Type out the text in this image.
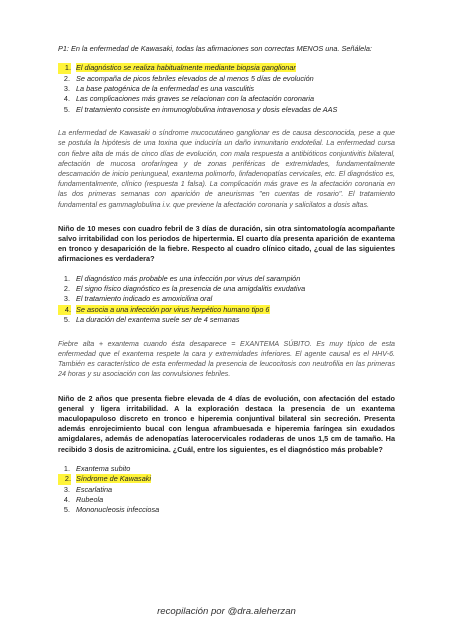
P1: En la enfermedad de Kawasaki, todas las afirmaciones son correctas MENOS una. Señálela:

1. El diagnóstico se realiza habitualmente mediante biopsia ganglionar
2. Se acompaña de picos febriles elevados de al menos 5 días de evolución
3. La base patogénica de la enfermedad es una vasculitis
4. Las complicaciones más graves se relacionan con la afectación coronaria
5. El tratamiento consiste en inmunoglobulina intravenosa y dosis elevadas de AAS

La enfermedad de Kawasaki o síndrome mucocutáneo ganglionar es de causa desconocida, pese a que se postula la hipótesis de una toxina que induciría un daño inmunitario endotelial. La enfermedad cursa con fiebre alta de más de cinco días de evolución, con mala respuesta a antibióticos conjuntivitis bilateral, afectación de mucosa orofaríngea y de zonas periféricas de extremidades, fundamentalmente descamación de inicio periungueal, exantema polimorfo, linfadenopatías cervicales, etc. El diagnóstico es, fundamentalmente, clínico (respuesta 1 falsa). La complicación más grave es la afectación coronaria en las dos primeras semanas con aparición de aneurismas "en cuentas de rosario". El tratamiento fundamental es gammaglobulina i.v. que previene la afectación coronaria y salicilatos a dosis altas.

Niño de 10 meses con cuadro febril de 3 días de duración, sin otra sintomatología acompañante salvo irritabilidad con los periodos de hipertermia. El cuarto día presenta aparición de exantema en tronco y desaparición de la fiebre. Respecto al cuadro clínico citado, ¿cual de las siguientes afirmaciones es verdadera?

1. El diagnóstico más probable es una infección por virus del sarampión
2. El signo físico diagnóstico es la presencia de una amigdalitis exudativa
3. El tratamiento indicado es amoxicilina oral
4. Se asocia a una infección por virus herpético humano tipo 6
5. La duración del exantema suele ser de 4 semanas

Fiebre alta + exantema cuando ésta desaparece = EXANTEMA SÚBITO. Es muy típico de esta enfermedad que el exantema respete la cara y extremidades inferiores. El agente causal es el HHV-6. También es característico de esta enfermedad la presencia de leucocitosis con neutrofilia en las primeras 24 horas y su asociación con las convulsiones febriles.

Niño de 2 años que presenta fiebre elevada de 4 días de evolución, con afectación del estado general y ligera irritabilidad. A la exploración destaca la presencia de un exantema maculopapuloso discreto en tronco e hiperemia conjuntival bilateral sin secreción. Presenta además enrojecimiento bucal con lengua aframbuesada e hiperemia faríngea sin exudados amigdalares, además de adenopatías laterocervicales rodaderas de unos 1,5 cm de tamaño. Ha recibido 3 dosis de azitromicina. ¿Cuál, entre los siguientes, es el diagnóstico más probable?

1. Exantema subito
2. Síndrome de Kawasaki
3. Escarlatina
4. Rubeola
5. Mononucleosis infecciosa
recopilación por @dra.aleherzan
